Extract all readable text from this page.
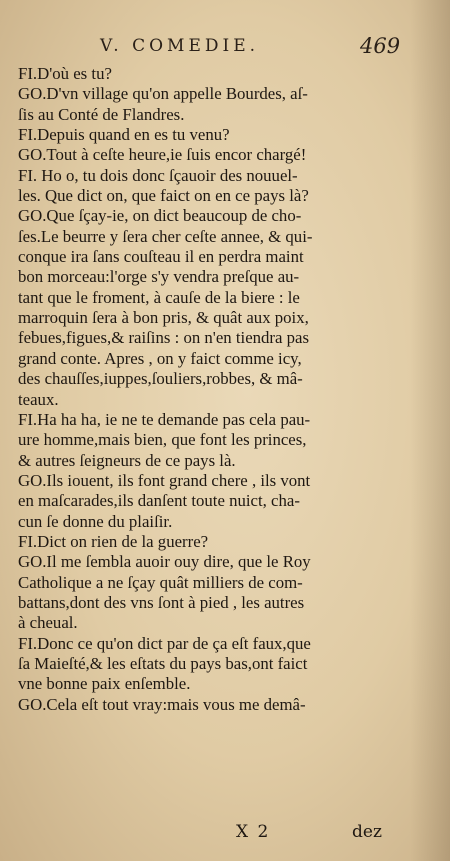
V. COMEDIE.	469
FI.D'où es tu?
GO.D'vn village qu'on appelle Bourdes, aſ-
ſis au Conté de Flandres.
FI.Depuis quand en es tu venu?
GO.Tout à ceſte heure,ie ſuis encor chargé!
FI. Ho o, tu dois donc ſçauoir des nouuel-
les. Que dict on, que faict on en ce pays là?
GO.Que ſçay-ie, on dict beaucoup de cho-
ſes.Le beurre y ſera cher ceſte annee, & qui-
conque ira ſans couſteau il en perdra maint
bon morceau:l'orge s'y vendra preſque au-
tant que le froment, à cauſe de la biere : le
marroquin ſera à bon pris, & quât aux poix,
febues,figues,& raiſins : on n'en tiendra pas
grand conte. Apres , on y faict comme icy,
des chauſſes,iuppes,ſouliers,robbes, & mâ-
teaux.
FI.Ha ha ha, ie ne te demande pas cela pau-
ure homme,mais bien, que font les princes,
& autres ſeigneurs de ce pays là.
GO.Ils iouent, ils font grand chere , ils vont
en maſcarades,ils danſent toute nuict, cha-
cun ſe donne du plaiſir.
FI.Dict on rien de la guerre?
GO.Il me ſembla auoir ouy dire, que le Roy
Catholique a ne ſçay quât milliers de com-
battans,dont des vns ſont à pied , les autres
à cheual.
FI.Donc ce qu'on dict par de ça eſt faux,que
ſa Maieſté,& les eſtats du pays bas,ont faict
vne bonne paix enſemble.
GO.Cela eſt tout vray:mais vous me demâ-
X 2	dez
